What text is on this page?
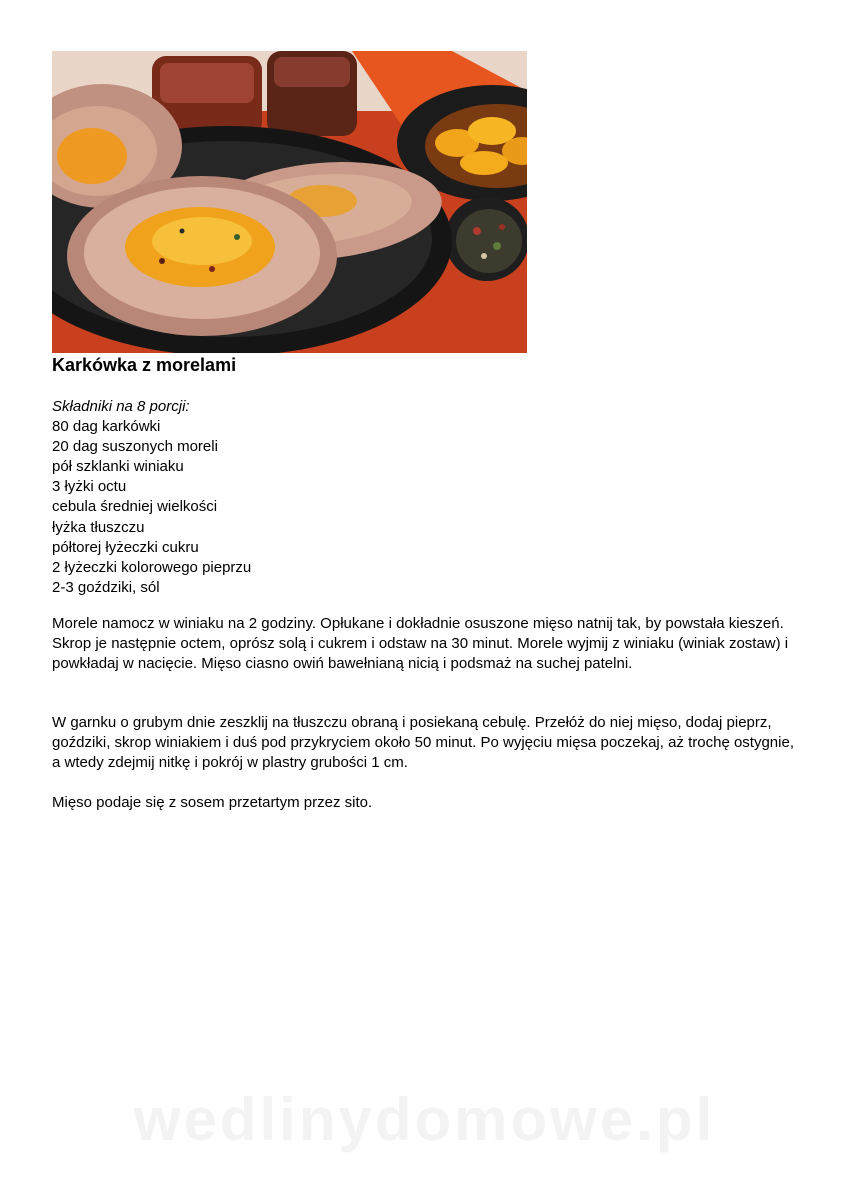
Karkówka z morelami
Składniki na 8 porcji:
80 dag karkówki
20 dag suszonych moreli
pół szklanki winiaku
3 łyżki octu
cebula średniej wielkości
łyżka tłuszczu
półtorej łyżeczki cukru
2 łyżeczki kolorowego pieprzu
2-3 goździki, sól

Morele namocz w winiaku na 2 godziny. Opłukane i dokładnie osuszone mięso natnij tak, by powstała kieszeń. Skrop je następnie octem, oprósz solą i cukrem i odstaw na 30 minut. Morele wyjmij z winiaku (winiak zostaw) i powkładaj w nacięcie. Mięso ciasno owiń bawełnianą nicią i podsmaż na suchej patelni.

W garnku o grubym dnie zeszklij na tłuszczu obraną i posiekaną cebulę. Przełóż do niej mięso, dodaj pieprz, goździki, skrop winiakiem i duś pod przykryciem około 50 minut. Po wyjęciu mięsa poczekaj, aż trochę ostygnie, a wtedy zdejmij nitkę i pokrój w plastry grubości 1 cm.

Mięso podaje się z sosem przetartym przez sito.

wedlinydomowe.pl
